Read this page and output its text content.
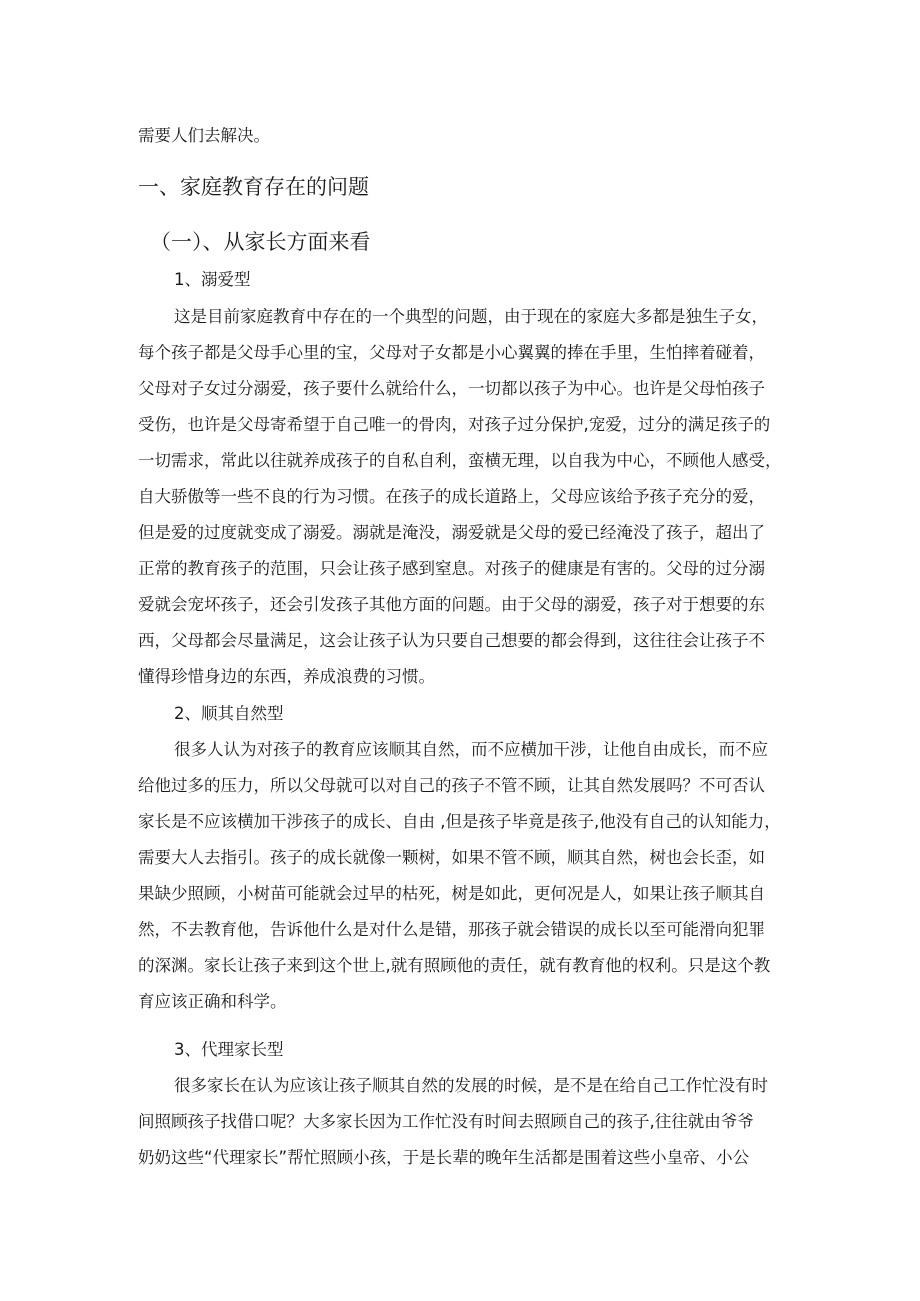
需要人们去解决。
一、家庭教育存在的问题
（一）、从家长方面来看
1、溺爱型
这是目前家庭教育中存在的一个典型的问题，由于现在的家庭大多都是独生子女，
每个孩子都是父母手心里的宝，父母对子女都是小心翼翼的捧在手里，生怕摔着碰着，
父母对子女过分溺爱，孩子要什么就给什么，一切都以孩子为中心。也许是父母怕孩子
受伤，也许是父母寄希望于自己唯一的骨肉，对孩子过分保护,宠爱，过分的满足孩子的
一切需求，常此以往就养成孩子的自私自利，蛮横无理，以自我为中心，不顾他人感受，
自大骄傲等一些不良的行为习惯。在孩子的成长道路上，父母应该给予孩子充分的爱，
但是爱的过度就变成了溺爱。溺就是淹没，溺爱就是父母的爱已经淹没了孩子，超出了
正常的教育孩子的范围，只会让孩子感到窒息。对孩子的健康是有害的。父母的过分溺
爱就会宠坏孩子，还会引发孩子其他方面的问题。由于父母的溺爱，孩子对于想要的东
西，父母都会尽量满足，这会让孩子认为只要自己想要的都会得到，这往往会让孩子不
懂得珍惜身边的东西，养成浪费的习惯。
2、顺其自然型
很多人认为对孩子的教育应该顺其自然，而不应横加干涉，让他自由成长，而不应
给他过多的压力，所以父母就可以对自己的孩子不管不顾，让其自然发展吗？不可否认
家长是不应该横加干涉孩子的成长、自由 ,但是孩子毕竟是孩子,他没有自己的认知能力，
需要大人去指引。孩子的成长就像一颗树，如果不管不顾，顺其自然，树也会长歪，如
果缺少照顾，小树苗可能就会过早的枯死，树是如此，更何况是人，如果让孩子顺其自
然，不去教育他，告诉他什么是对什么是错，那孩子就会错误的成长以至可能滑向犯罪
的深渊。家长让孩子来到这个世上,就有照顾他的责任，就有教育他的权利。只是这个教
育应该正确和科学。
3、代理家长型
很多家长在认为应该让孩子顺其自然的发展的时候，是不是在给自己工作忙没有时
间照顾孩子找借口呢？大多家长因为工作忙没有时间去照顾自己的孩子,往往就由爷爷
奶奶这些“代理家长”帮忙照顾小孩，于是长辈的晚年生活都是围着这些小皇帝、小公
